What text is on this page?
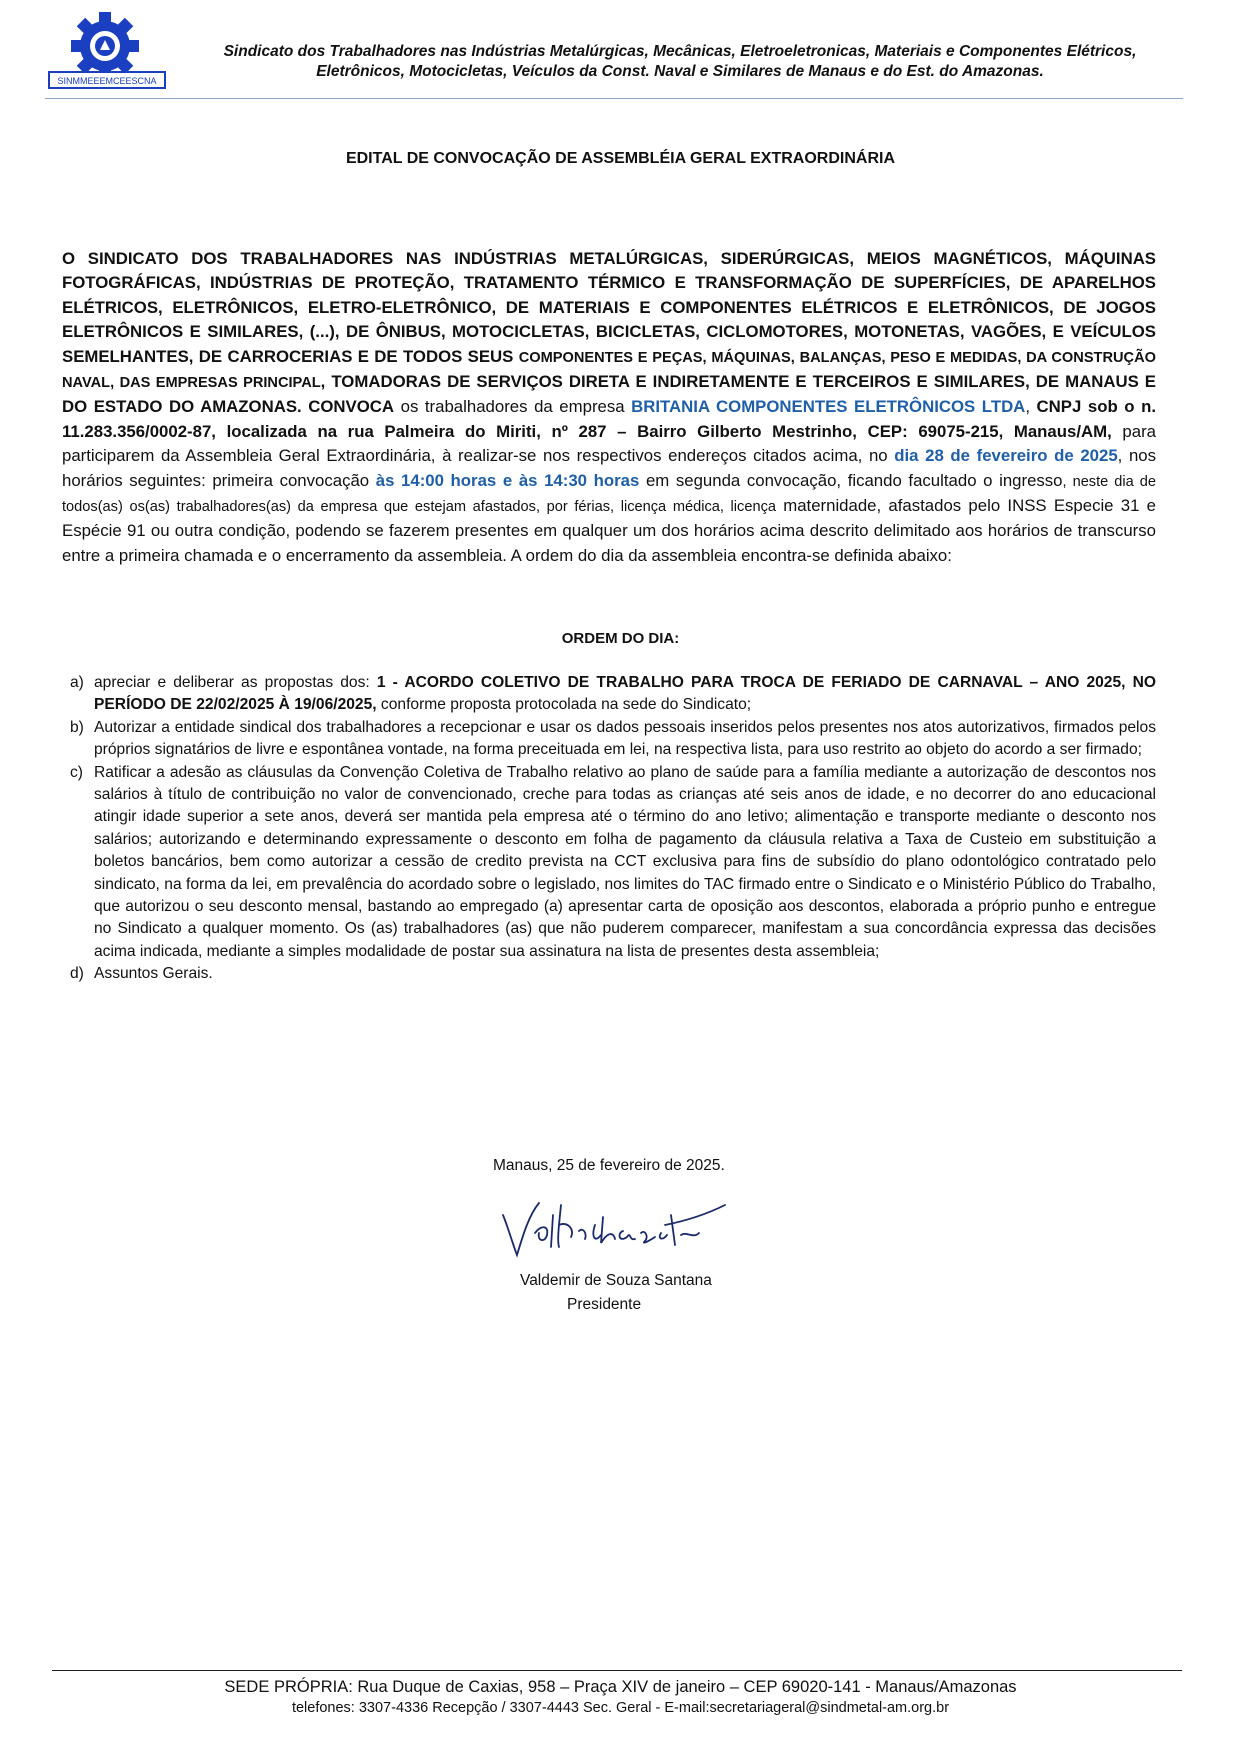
SINMMEEEMCEESCNA
Sindicato dos Trabalhadores nas Indústrias Metalúrgicas, Mecânicas, Eletroeletronicas, Materiais e Componentes Elétricos,
Eletrônicos, Motocicletas, Veículos da Const. Naval e Similares de Manaus e do Est. do Amazonas.
EDITAL DE CONVOCAÇÃO DE ASSEMBLÉIA GERAL EXTRAORDINÁRIA
O SINDICATO DOS TRABALHADORES NAS INDÚSTRIAS METALÚRGICAS, SIDERÚRGICAS, MEIOS MAGNÉTICOS, MÁQUINAS FOTOGRÁFICAS, INDÚSTRIAS DE PROTEÇÃO, TRATAMENTO TÉRMICO E TRANSFORMAÇÃO DE SUPERFÍCIES, DE APARELHOS ELÉTRICOS, ELETRÔNICOS, ELETRO-ELETRÔNICO, DE MATERIAIS E COMPONENTES ELÉTRICOS E ELETRÔNICOS, DE JOGOS ELETRÔNICOS E SIMILARES, (...), DE ÔNIBUS, MOTOCICLETAS, BICICLETAS, CICLOMOTORES, MOTONETAS, VAGÕES, E VEÍCULOS SEMELHANTES, DE CARROCERIAS E DE TODOS SEUS COMPONENTES E PEÇAS, MÁQUINAS, BALANÇAS, PESO E MEDIDAS, DA CONSTRUÇÃO NAVAL, DAS EMPRESAS PRINCIPAL, TOMADORAS DE SERVIÇOS DIRETA E INDIRETAMENTE E TERCEIROS E SIMILARES, DE MANAUS E DO ESTADO DO AMAZONAS. CONVOCA os trabalhadores da empresa BRITANIA COMPONENTES ELETRÔNICOS LTDA, CNPJ sob o n. 11.283.356/0002-87, localizada na rua Palmeira do Miriti, nº 287 – Bairro Gilberto Mestrinho, CEP: 69075-215, Manaus/AM, para participarem da Assembleia Geral Extraordinária, à realizar-se nos respectivos endereços citados acima, no dia 28 de fevereiro de 2025, nos horários seguintes: primeira convocação às 14:00 horas e às 14:30 horas em segunda convocação, ficando facultado o ingresso, neste dia de todos(as) os(as) trabalhadores(as) da empresa que estejam afastados, por férias, licença médica, licença maternidade, afastados pelo INSS Especie 31 e Espécie 91 ou outra condição, podendo se fazerem presentes em qualquer um dos horários acima descrito delimitado aos horários de transcurso entre a primeira chamada e o encerramento da assembleia. A ordem do dia da assembleia encontra-se definida abaixo:
ORDEM DO DIA:
a) apreciar e deliberar as propostas dos: 1 - ACORDO COLETIVO DE TRABALHO PARA TROCA DE FERIADO DE CARNAVAL – ANO 2025, NO PERÍODO DE 22/02/2025 À 19/06/2025, conforme proposta protocolada na sede do Sindicato;
b) Autorizar a entidade sindical dos trabalhadores a recepcionar e usar os dados pessoais inseridos pelos presentes nos atos autorizativos, firmados pelos próprios signatários de livre e espontânea vontade, na forma preceituada em lei, na respectiva lista, para uso restrito ao objeto do acordo a ser firmado;
c) Ratificar a adesão as cláusulas da Convenção Coletiva de Trabalho relativo ao plano de saúde para a família mediante a autorização de descontos nos salários à título de contribuição no valor de convencionado, creche para todas as crianças até seis anos de idade, e no decorrer do ano educacional atingir idade superior a sete anos, deverá ser mantida pela empresa até o término do ano letivo; alimentação e transporte mediante o desconto nos salários; autorizando e determinando expressamente o desconto em folha de pagamento da cláusula relativa a Taxa de Custeio em substituição a boletos bancários, bem como autorizar a cessão de credito prevista na CCT exclusiva para fins de subsídio do plano odontológico contratado pelo sindicato, na forma da lei, em prevalência do acordado sobre o legislado, nos limites do TAC firmado entre o Sindicato e o Ministério Público do Trabalho, que autorizou o seu desconto mensal, bastando ao empregado (a) apresentar carta de oposição aos descontos, elaborada a próprio punho e entregue no Sindicato a qualquer momento. Os (as) trabalhadores (as) que não puderem comparecer, manifestam a sua concordância expressa das decisões acima indicada, mediante a simples modalidade de postar sua assinatura na lista de presentes desta assembleia;
d) Assuntos Gerais.
Manaus, 25 de fevereiro de 2025.
Valdemir de Souza Santana
Presidente
SEDE PRÓPRIA: Rua Duque de Caxias, 958 – Praça XIV de janeiro – CEP 69020-141 - Manaus/Amazonas
telefones: 3307-4336 Recepção / 3307-4443 Sec. Geral - E-mail:secretariageral@sindmetal-am.org.br
